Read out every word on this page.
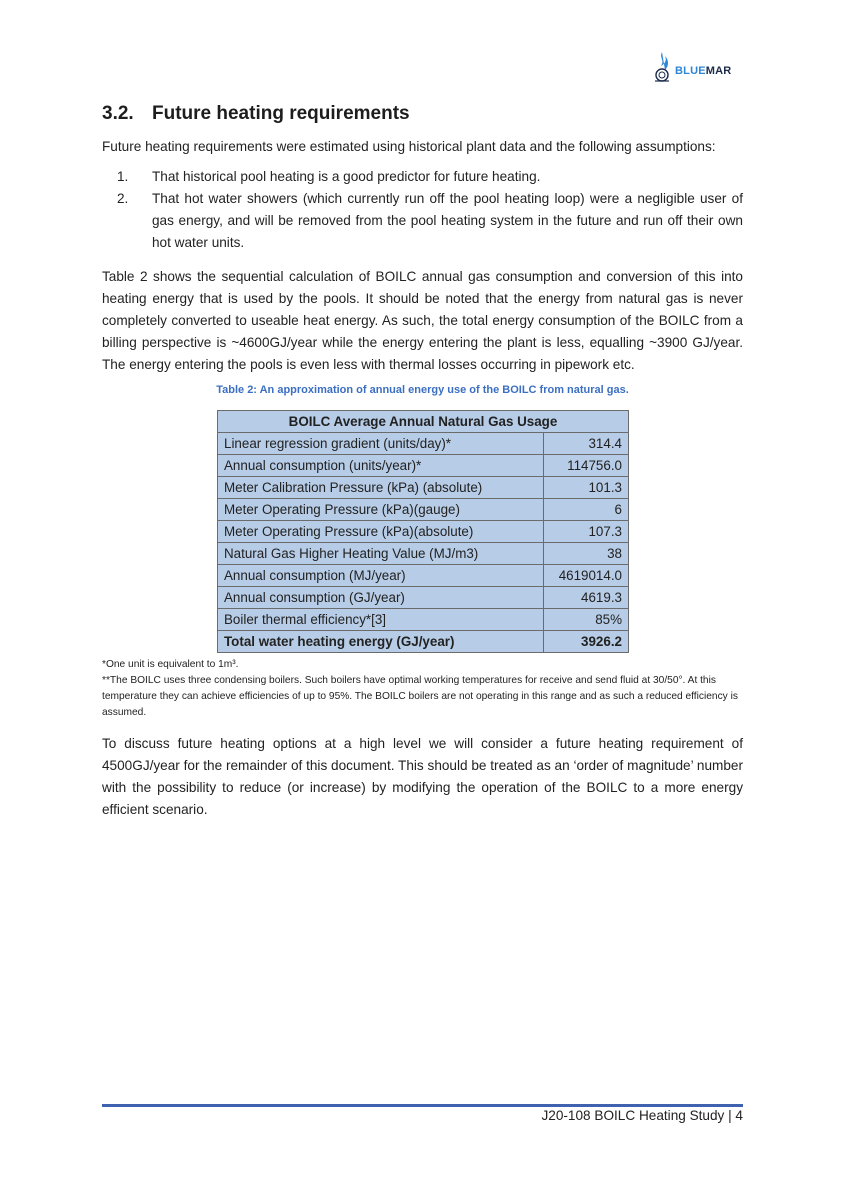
BLUEMAR
3.2. Future heating requirements

Future heating requirements were estimated using historical plant data and the following assumptions:

1.	That historical pool heating is a good predictor for future heating.
2.	That hot water showers (which currently run off the pool heating loop) were a negligible user of gas energy, and will be removed from the pool heating system in the future and run off their own hot water units.

Table 2 shows the sequential calculation of BOILC annual gas consumption and conversion of this into heating energy that is used by the pools. It should be noted that the energy from natural gas is never completely converted to useable heat energy. As such, the total energy consumption of the BOILC from a billing perspective is ~4600GJ/year while the energy entering the plant is less, equalling ~3900 GJ/year. The energy entering the pools is even less with thermal losses occurring in pipework etc.

Table 2: An approximation of annual energy use of the BOILC from natural gas.
BOILC Average Annual Natural Gas Usage	
Linear regression gradient (units/day)*	314.4
Annual consumption (units/year)*	114756.0
Meter Calibration Pressure (kPa) (absolute)	101.3
Meter Operating Pressure (kPa)(gauge)	6
Meter Operating Pressure (kPa)(absolute)	107.3
Natural Gas Higher Heating Value (MJ/m3)	38
Annual consumption (MJ/year)	4619014.0
Annual consumption (GJ/year)	4619.3
Boiler thermal efficiency*[3]	85%
Total water heating energy (GJ/year)	3926.2
*One unit is equivalent to 1m³.
**The BOILC uses three condensing boilers. Such boilers have optimal working temperatures for receive and send fluid at 30/50°. At this temperature they can achieve efficiencies of up to 95%. The BOILC boilers are not operating in this range and as such a reduced efficiency is assumed.

To discuss future heating options at a high level we will consider a future heating requirement of 4500GJ/year for the remainder of this document. This should be treated as an ‘order of magnitude’ number with the possibility to reduce (or increase) by modifying the operation of the BOILC to a more energy efficient scenario.

J20-108 BOILC Heating Study | 4
